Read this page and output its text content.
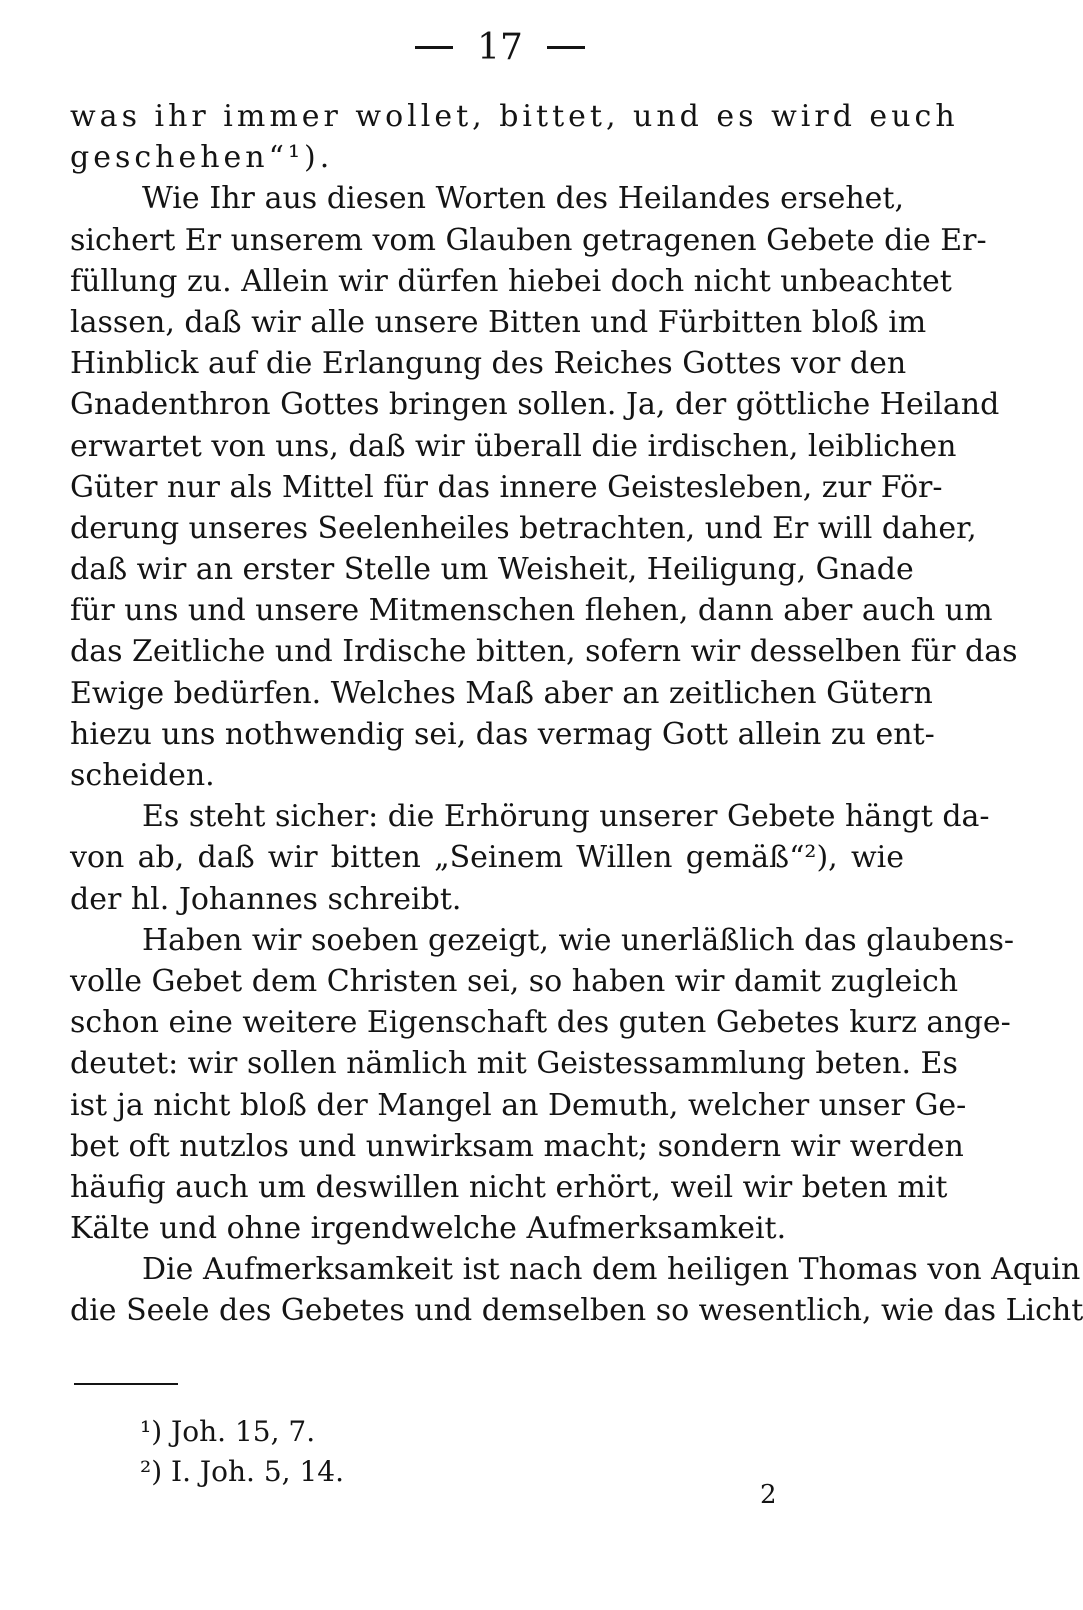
17
was ihr immer wollet, bittet, und es wird euch
geschehen“¹).
Wie Ihr aus diesen Worten des Heilandes ersehet,
sichert Er unserem vom Glauben getragenen Gebete die Er-
füllung zu. Allein wir dürfen hiebei doch nicht unbeachtet
lassen, daß wir alle unsere Bitten und Fürbitten bloß im
Hinblick auf die Erlangung des Reiches Gottes vor den
Gnadenthron Gottes bringen sollen. Ja, der göttliche Heiland
erwartet von uns, daß wir überall die irdischen, leiblichen
Güter nur als Mittel für das innere Geistesleben, zur För-
derung unseres Seelenheiles betrachten, und Er will daher,
daß wir an erster Stelle um Weisheit, Heiligung, Gnade
für uns und unsere Mitmenschen flehen, dann aber auch um
das Zeitliche und Irdische bitten, sofern wir desselben für das
Ewige bedürfen. Welches Maß aber an zeitlichen Gütern
hiezu uns nothwendig sei, das vermag Gott allein zu ent-
scheiden.
Es steht sicher: die Erhörung unserer Gebete hängt da-
von ab, daß wir bitten „Seinem Willen gemäß“²), wie
der hl. Johannes schreibt.
Haben wir soeben gezeigt, wie unerläßlich das glaubens-
volle Gebet dem Christen sei, so haben wir damit zugleich
schon eine weitere Eigenschaft des guten Gebetes kurz ange-
deutet: wir sollen nämlich mit Geistessammlung beten. Es
ist ja nicht bloß der Mangel an Demuth, welcher unser Ge-
bet oft nutzlos und unwirksam macht; sondern wir werden
häufig auch um deswillen nicht erhört, weil wir beten mit
Kälte und ohne irgendwelche Aufmerksamkeit.
Die Aufmerksamkeit ist nach dem heiligen Thomas von Aquin
die Seele des Gebetes und demselben so wesentlich, wie das Licht
¹) Joh. 15, 7.
²) I. Joh. 5, 14.
2
